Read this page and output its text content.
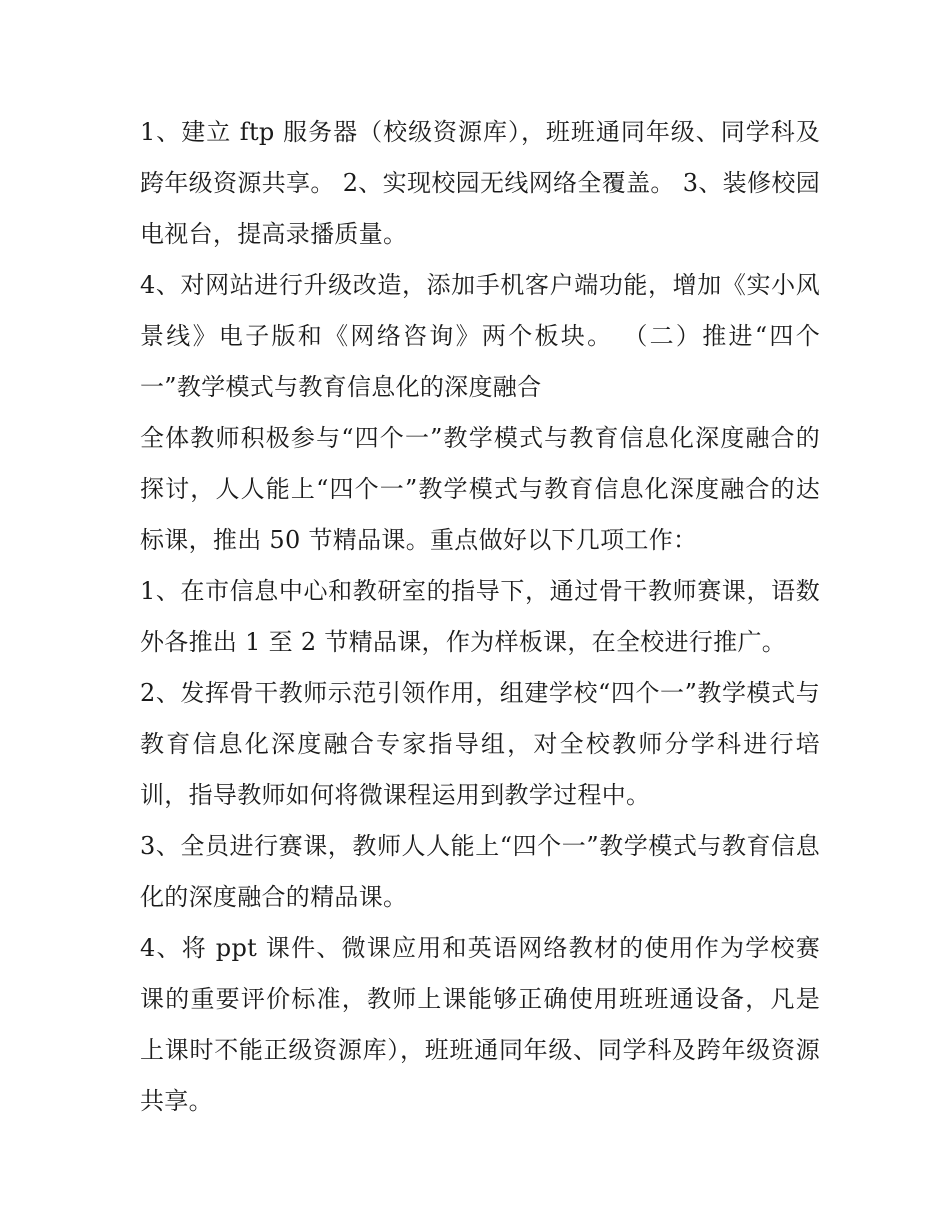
1、建立 ftp 服务器（校级资源库），班班通同年级、同学科及跨年级资源共享。 2、实现校园无线网络全覆盖。 3、装修校园电视台，提高录播质量。

4、对网站进行升级改造，添加手机客户端功能，增加《实小风景线》电子版和《网络咨询》两个板块。 （二）推进“四个一”教学模式与教育信息化的深度融合

全体教师积极参与“四个一”教学模式与教育信息化深度融合的探讨，人人能上“四个一”教学模式与教育信息化深度融合的达标课，推出 50 节精品课。重点做好以下几项工作：

1、在市信息中心和教研室的指导下，通过骨干教师赛课，语数外各推出 1 至 2 节精品课，作为样板课，在全校进行推广。

2、发挥骨干教师示范引领作用，组建学校“四个一”教学模式与教育信息化深度融合专家指导组，对全校教师分学科进行培训，指导教师如何将微课程运用到教学过程中。

3、全员进行赛课，教师人人能上“四个一”教学模式与教育信息化的深度融合的精品课。

4、将 ppt 课件、微课应用和英语网络教材的使用作为学校赛课的重要评价标准，教师上课能够正确使用班班通设备，凡是上课时不能正级资源库），班班通同年级、同学科及跨年级资源共享。
